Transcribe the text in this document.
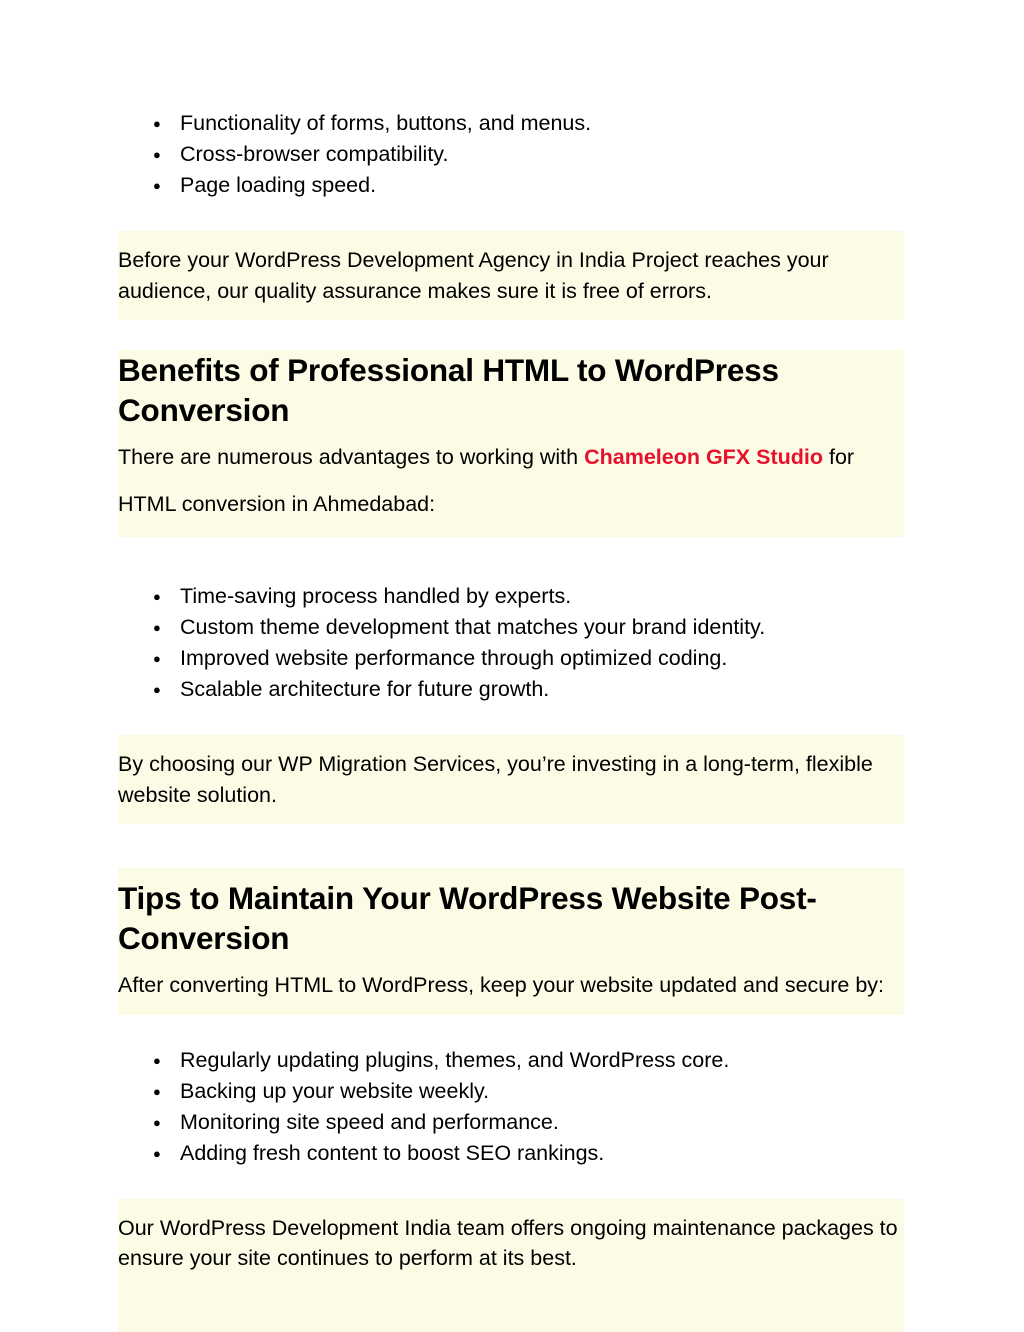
● Functionality of forms, buttons, and menus.
● Cross-browser compatibility.
● Page loading speed.

Before your WordPress Development Agency in India Project reaches your audience, our quality assurance makes sure it is free of errors.

Benefits of Professional HTML to WordPress Conversion

There are numerous advantages to working with Chameleon GFX Studio for

HTML conversion in Ahmedabad:

● Time-saving process handled by experts.
● Custom theme development that matches your brand identity.
● Improved website performance through optimized coding.
● Scalable architecture for future growth.

By choosing our WP Migration Services, you’re investing in a long-term, flexible website solution.

Tips to Maintain Your WordPress Website Post-Conversion

After converting HTML to WordPress, keep your website updated and secure by:

● Regularly updating plugins, themes, and WordPress core.
● Backing up your website weekly.
● Monitoring site speed and performance.
● Adding fresh content to boost SEO rankings.

Our WordPress Development India team offers ongoing maintenance packages to ensure your site continues to perform at its best.
